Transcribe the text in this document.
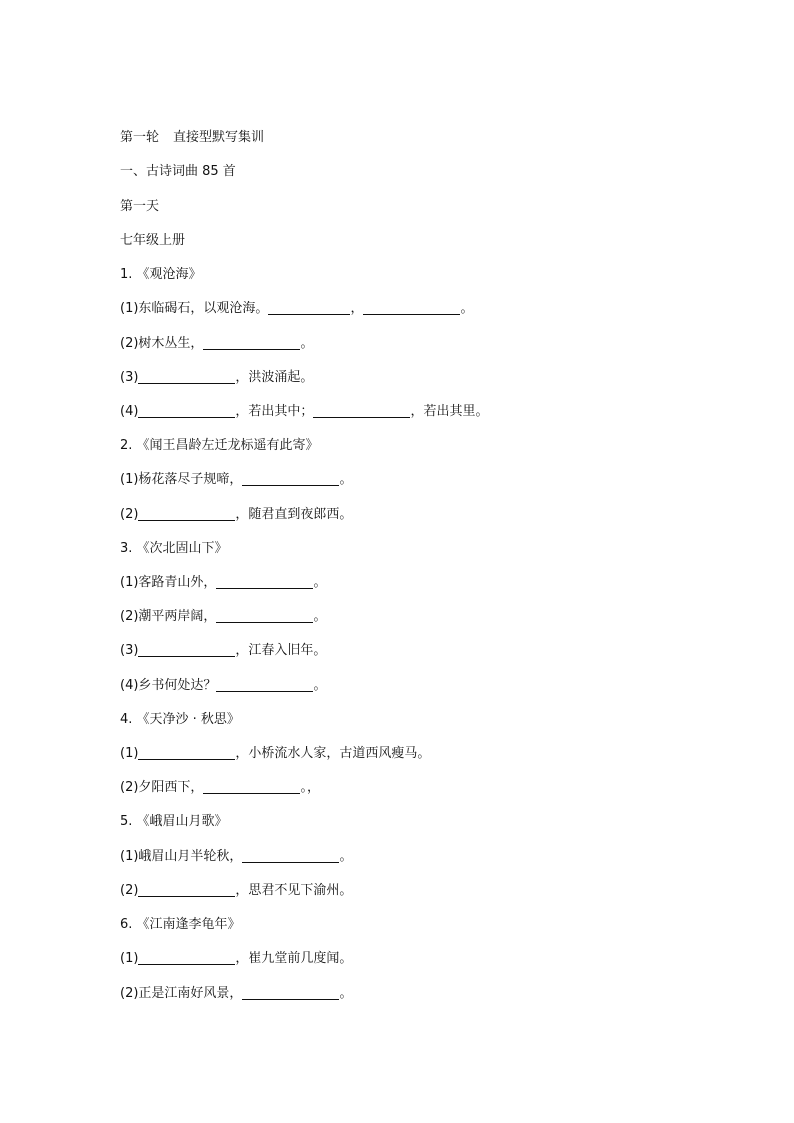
第一轮 直接型默写集训
一、古诗词曲 85 首
第一天
七年级上册
1. 《观沧海》
(1)东临碣石，以观沧海。	，	。
(2)树木丛生，	。
(3)	，洪波涌起。
(4)	，若出其中；	，若出其里。
2. 《闻王昌龄左迁龙标遥有此寄》
(1)杨花落尽子规啼，	。
(2)	，随君直到夜郎西。
3. 《次北固山下》
(1)客路青山外，	。
(2)潮平两岸阔，	。
(3)	，江春入旧年。
(4)乡书何处达？	。
4. 《天净沙 · 秋思》
(1)	，小桥流水人家，古道西风瘦马。
(2)夕阳西下，	。，
5. 《峨眉山月歌》
(1)峨眉山月半轮秋，	。
(2)	，思君不见下渝州。
6. 《江南逢李龟年》
(1)	，崔九堂前几度闻。
(2)正是江南好风景，	。
